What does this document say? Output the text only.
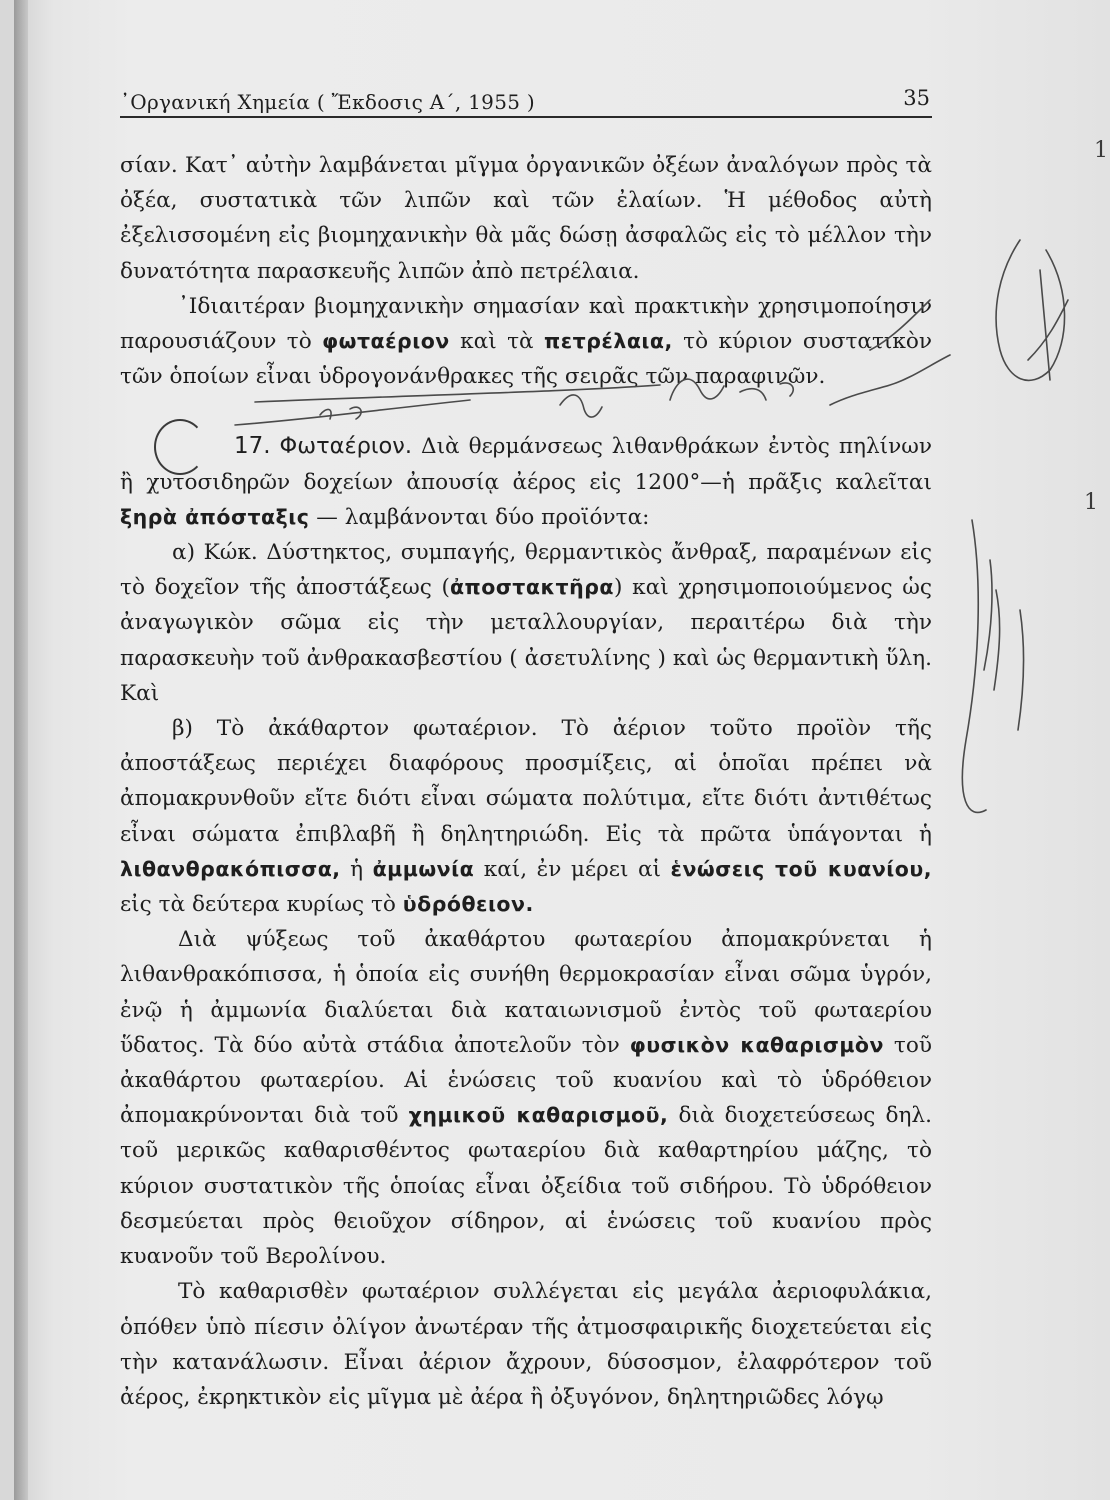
᾿Οργανική Χημεία ( Ἔκδοσις Α΄, 1955 )	35

σίαν. Κατ᾿ αὐτὴν λαμβάνεται μῖγμα ὀργανικῶν ὀξέων ἀναλόγων πρὸς τὰ ὀξέα, συστατικὰ τῶν λιπῶν καὶ τῶν ἐλαίων. Ἡ μέθοδος αὐτὴ ἐξελισσομένη εἰς βιομηχανικὴν θὰ μᾶς δώσῃ ἀσφαλῶς εἰς τὸ μέλλον τὴν δυνατότητα παρασκευῆς λιπῶν ἀπὸ πετρέλαια.

᾿Ιδιαιτέραν βιομηχανικὴν σημασίαν καὶ πρακτικὴν χρησιμοποίησιν παρουσιάζουν τὸ φωταέριον καὶ τὰ πετρέλαια, τὸ κύριον συστατικὸν τῶν ὁποίων εἶναι ὑδρογονάνθρακες τῆς σειρᾶς τῶν παραφινῶν.

17. Φωταέριον. Διὰ θερμάνσεως λιθανθράκων ἐντὸς πηλίνων ἢ χυτοσιδηρῶν δοχείων ἀπουσίᾳ ἀέρος εἰς 1200°—ἡ πρᾶξις καλεῖται ξηρὰ ἀπόσταξις — λαμβάνονται δύο προϊόντα:

α) Κώκ. Δύστηκτος, συμπαγής, θερμαντικὸς ἄνθραξ, παραμένων εἰς τὸ δοχεῖον τῆς ἀποστάξεως (ἀποστακτῆρα) καὶ χρησιμοποιούμενος ὡς ἀναγωγικὸν σῶμα εἰς τὴν μεταλλουργίαν, περαιτέρω διὰ τὴν παρασκευὴν τοῦ ἀνθρακασβεστίου ( ἀσετυλίνης ) καὶ ὡς θερμαντικὴ ὕλη. Καὶ

β) Τὸ ἀκάθαρτον φωταέριον. Τὸ ἀέριον τοῦτο προϊὸν τῆς ἀποστάξεως περιέχει διαφόρους προσμίξεις, αἱ ὁποῖαι πρέπει νὰ ἀπομακρυνθοῦν εἴτε διότι εἶναι σώματα πολύτιμα, εἴτε διότι ἀντιθέτως εἶναι σώματα ἐπιβλαβῆ ἢ δηλητηριώδη. Εἰς τὰ πρῶτα ὑπάγονται ἡ λιθανθρακόπισσα, ἡ ἀμμωνία καί, ἐν μέρει αἱ ἑνώσεις τοῦ κυανίου, εἰς τὰ δεύτερα κυρίως τὸ ὑδρόθειον.

Διὰ ψύξεως τοῦ ἀκαθάρτου φωταερίου ἀπομακρύνεται ἡ λιθανθρακόπισσα, ἡ ὁποία εἰς συνήθη θερμοκρασίαν εἶναι σῶμα ὑγρόν, ἐνῷ ἡ ἀμμωνία διαλύεται διὰ καταιωνισμοῦ ἐντὸς τοῦ φωταερίου ὕδατος. Τὰ δύο αὐτὰ στάδια ἀποτελοῦν τὸν φυσικὸν καθαρισμὸν τοῦ ἀκαθάρτου φωταερίου. Αἱ ἑνώσεις τοῦ κυανίου καὶ τὸ ὑδρόθειον ἀπομακρύνονται διὰ τοῦ χημικοῦ καθαρισμοῦ, διὰ διοχετεύσεως δηλ. τοῦ μερικῶς καθαρισθέντος φωταερίου διὰ καθαρτηρίου μάζης, τὸ κύριον συστατικὸν τῆς ὁποίας εἶναι ὀξείδια τοῦ σιδήρου. Τὸ ὑδρόθειον δεσμεύεται πρὸς θειοῦχον σίδηρον, αἱ ἑνώσεις τοῦ κυανίου πρὸς κυανοῦν τοῦ Βερολίνου.

Τὸ καθαρισθὲν φωταέριον συλλέγεται εἰς μεγάλα ἀεριοφυλάκια, ὁπόθεν ὑπὸ πίεσιν ὀλίγον ἀνωτέραν τῆς ἀτμοσφαιρικῆς διοχετεύεται εἰς τὴν κατανάλωσιν. Εἶναι ἀέριον ἄχρουν, δύσοσμον, ἐλαφρότερον τοῦ ἀέρος, ἐκρηκτικὸν εἰς μῖγμα μὲ ἀέρα ἢ ὀξυγόνον, δηλητηριῶδες λόγῳ

1
1
